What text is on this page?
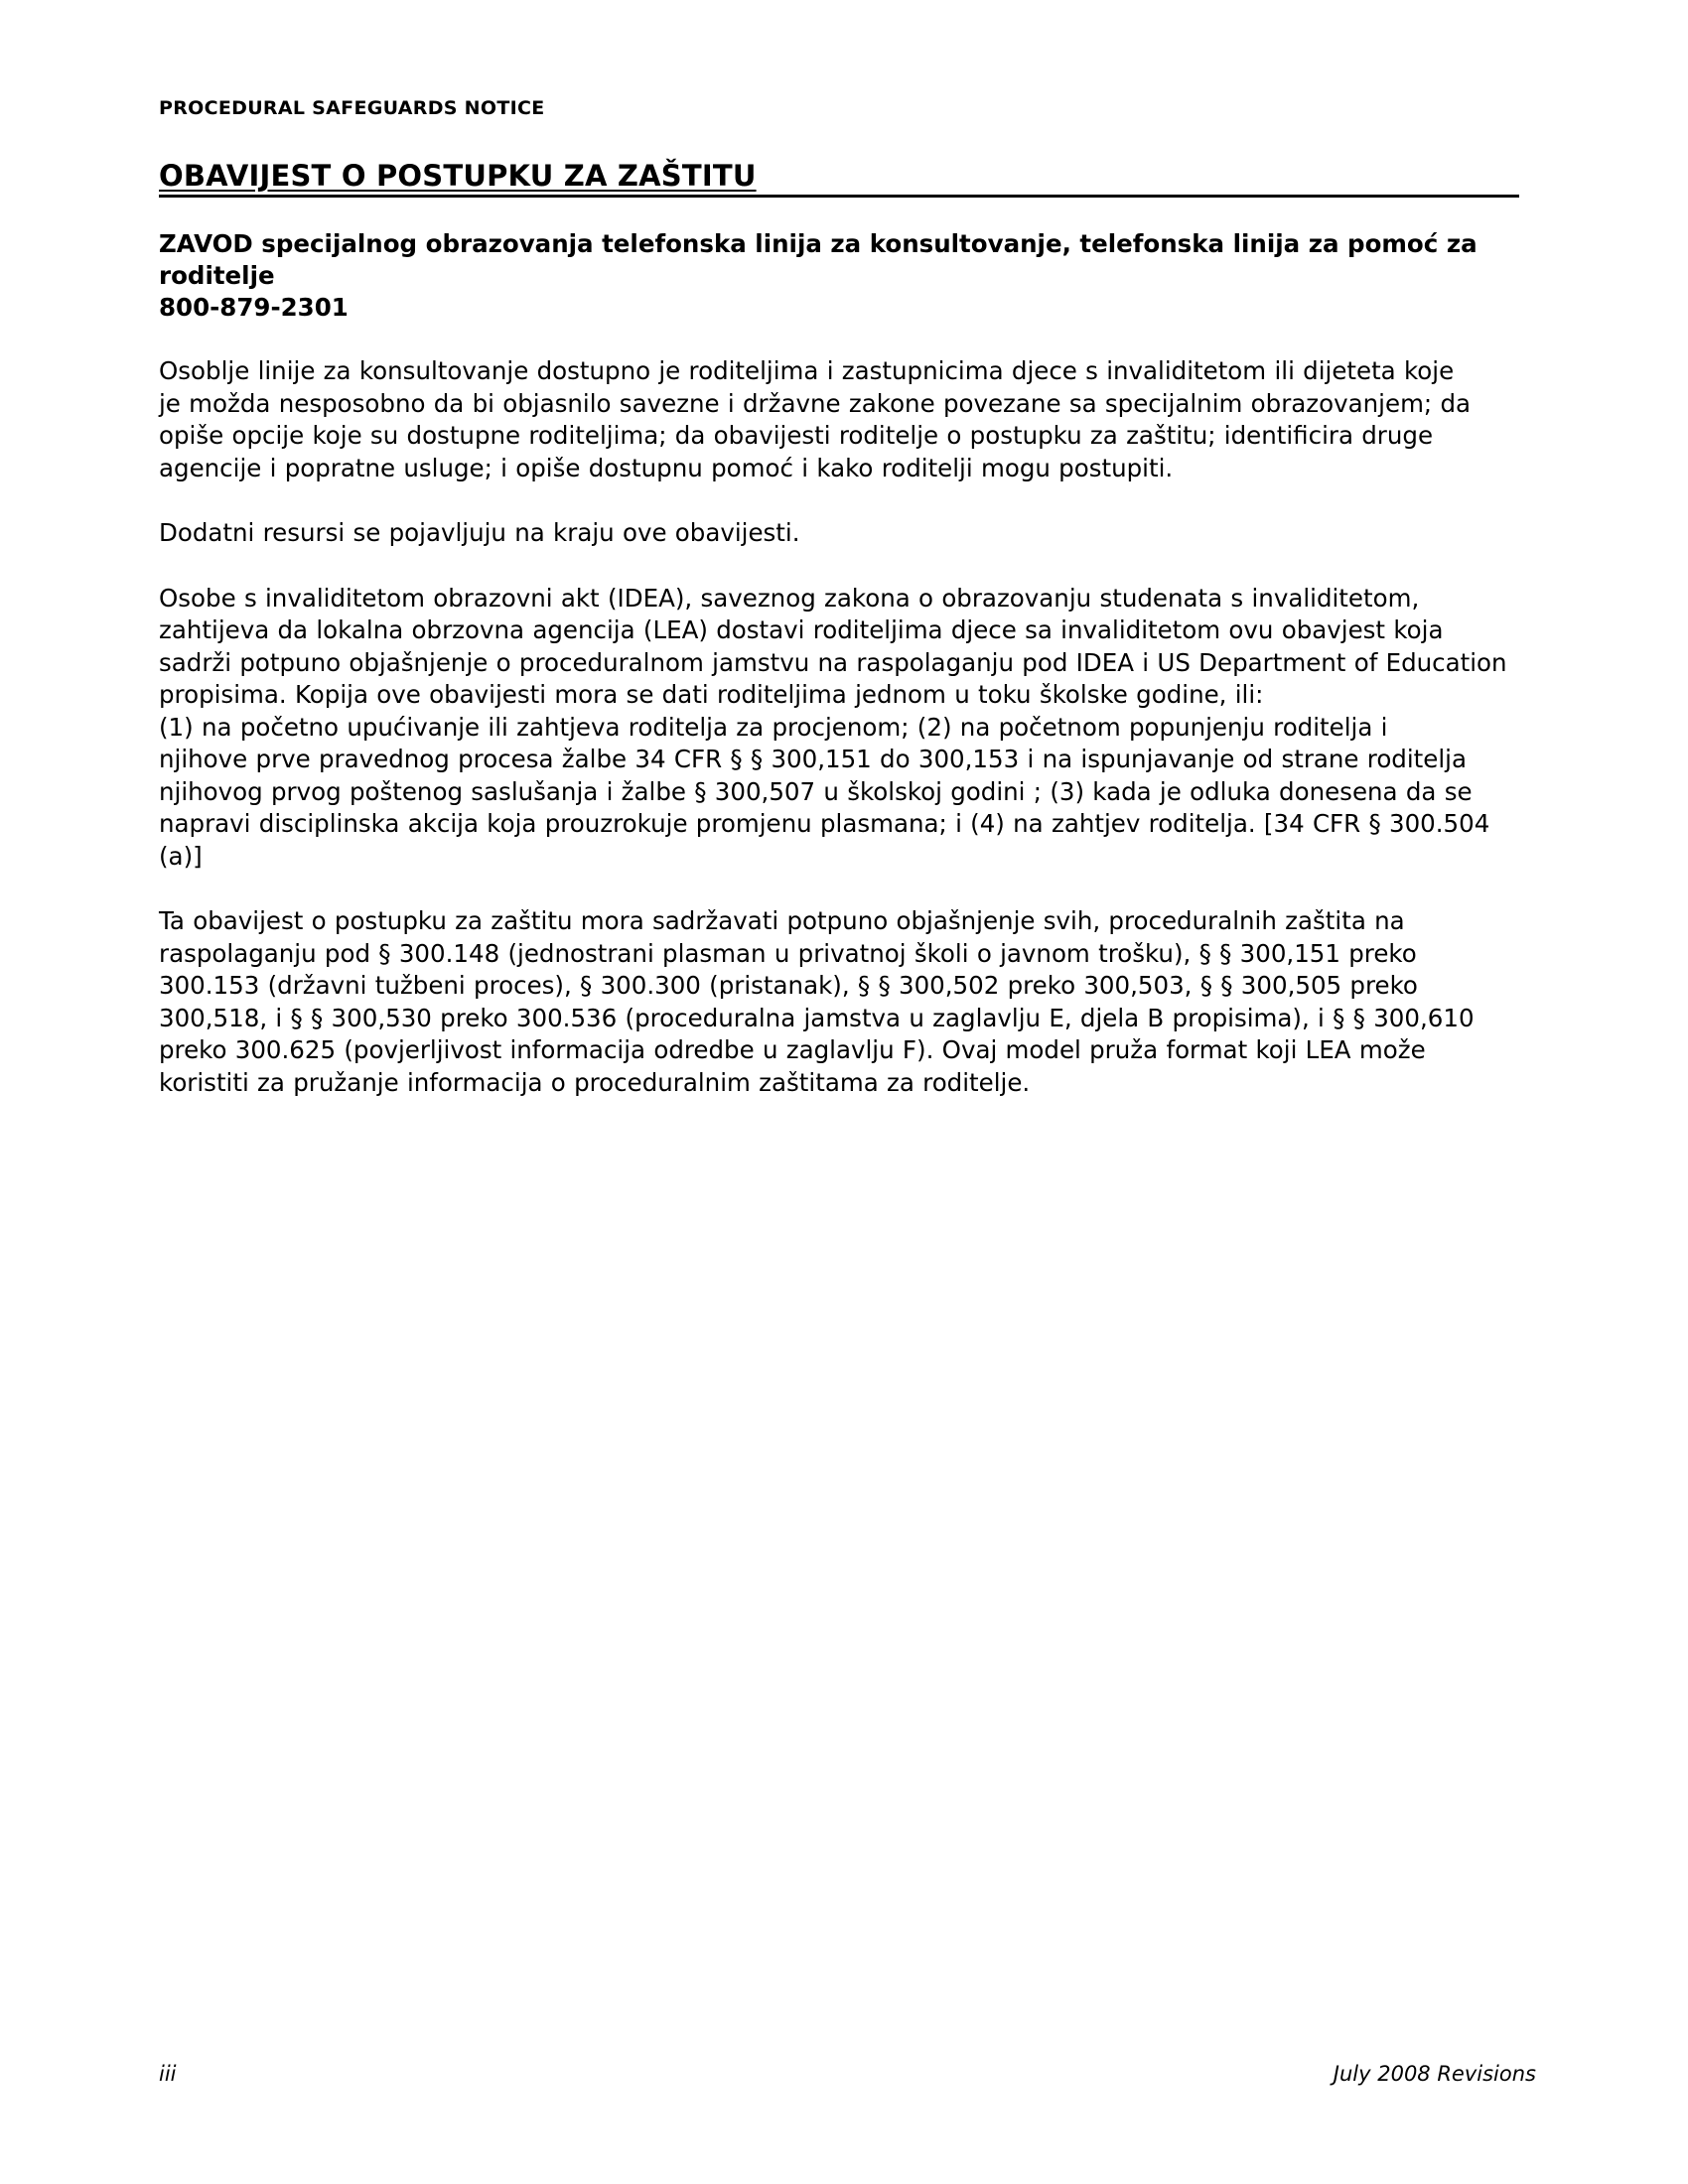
PROCEDURAL SAFEGUARDS NOTICE
OBAVIJEST O POSTUPKU ZA ZAŠTITU
ZAVOD specijalnog obrazovanja telefonska linija za konsultovanje, telefonska linija za pomoć za roditelje
800-879-2301
Osoblje linije za konsultovanje dostupno je roditeljima i zastupnicima djece s invaliditetom ili dijeteta koje
je možda nesposobno da bi objasnilo savezne i državne zakone povezane sa specijalnim obrazovanjem; da
opiše opcije koje su dostupne roditeljima; da obavijesti roditelje o postupku za zaštitu; identificira druge
agencije i popratne usluge; i opiše dostupnu pomoć i kako roditelji mogu postupiti.
Dodatni resursi se pojavljuju na kraju ove obavijesti.
Osobe s invaliditetom obrazovni akt (IDEA), saveznog zakona o obrazovanju studenata s invaliditetom,
zahtijeva da lokalna obrzovna agencija (LEA) dostavi roditeljima djece sa invaliditetom ovu obavjest koja
sadrži potpuno objašnjenje o proceduralnom jamstvu na raspolaganju pod IDEA i US Department of Education
propisima. Kopija ove obavijesti mora se dati roditeljima jednom u toku školske godine, ili:
(1) na početno upućivanje ili zahtjeva roditelja za procjenom; (2) na početnom popunjenju roditelja i
njihove prve pravednog procesa žalbe 34 CFR § § 300,151 do 300,153 i na ispunjavanje od strane roditelja
njihovog prvog poštenog saslušanja i žalbe § 300,507 u školskoj godini ; (3) kada je odluka donesena da se
napravi disciplinska akcija koja prouzrokuje promjenu plasmana; i (4) na zahtjev roditelja. [34 CFR § 300.504
(a)]
Ta obavijest o postupku za zaštitu mora sadržavati potpuno objašnjenje svih, proceduralnih zaštita na
raspolaganju pod § 300.148 (jednostrani plasman u privatnoj školi o javnom trošku), § § 300,151 preko
300.153 (državni tužbeni proces), § 300.300 (pristanak), § § 300,502 preko 300,503, § § 300,505 preko
300,518, i § § 300,530 preko 300.536 (proceduralna jamstva u zaglavlju E, djela B propisima), i § § 300,610
preko 300.625 (povjerljivost informacija odredbe u zaglavlju F). Ovaj model pruža format koji LEA može
koristiti za pružanje informacija o proceduralnim zaštitama za roditelje.
iii	July 2008 Revisions
